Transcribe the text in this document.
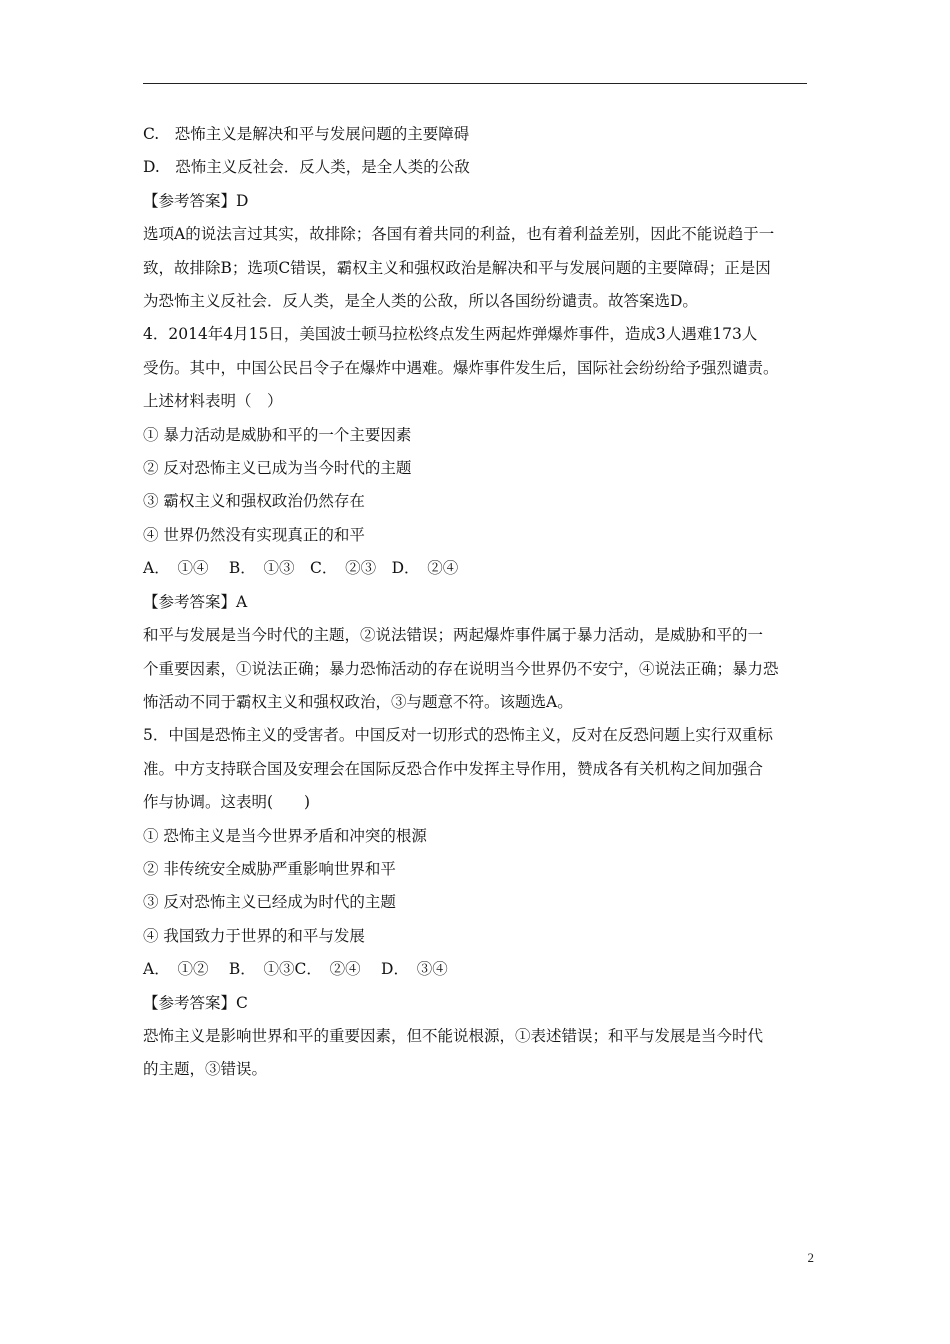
C.　恐怖主义是解决和平与发展问题的主要障碍

D.　恐怖主义反社会．反人类，是全人类的公敌

【参考答案】D

选项A的说法言过其实，故排除；各国有着共同的利益，也有着利益差别，因此不能说趋于一

致，故排除B；选项C错误，霸权主义和强权政治是解决和平与发展问题的主要障碍；正是因

为恐怖主义反社会．反人类，是全人类的公敌，所以各国纷纷谴责。故答案选D。

4．2014年4月15日，美国波士顿马拉松终点发生两起炸弹爆炸事件，造成3人遇难173人

受伤。其中，中国公民吕令子在爆炸中遇难。爆炸事件发生后，国际社会纷纷给予强烈谴责。

上述材料表明（　）

① 暴力活动是威胁和平的一个主要因素

② 反对恐怖主义已成为当今时代的主题

③ 霸权主义和强权政治仍然存在

④ 世界仍然没有实现真正的和平

A．　①④　 B．　①③　C．　②③　D．　②④

【参考答案】A

和平与发展是当今时代的主题，②说法错误；两起爆炸事件属于暴力活动，是威胁和平的一

个重要因素，①说法正确；暴力恐怖活动的存在说明当今世界仍不安宁，④说法正确；暴力恐

怖活动不同于霸权主义和强权政治，③与题意不符。该题选A。

5．中国是恐怖主义的受害者。中国反对一切形式的恐怖主义，反对在反恐问题上实行双重标

准。中方支持联合国及安理会在国际反恐合作中发挥主导作用，赞成各有关机构之间加强合

作与协调。这表明(　　)

① 恐怖主义是当今世界矛盾和冲突的根源

② 非传统安全威胁严重影响世界和平

③ 反对恐怖主义已经成为时代的主题

④ 我国致力于世界的和平与发展

A．　①②　 B．　①③C．　②④　 D．　③④

【参考答案】C

恐怖主义是影响世界和平的重要因素，但不能说根源，①表述错误；和平与发展是当今时代

的主题，③错误。

2
